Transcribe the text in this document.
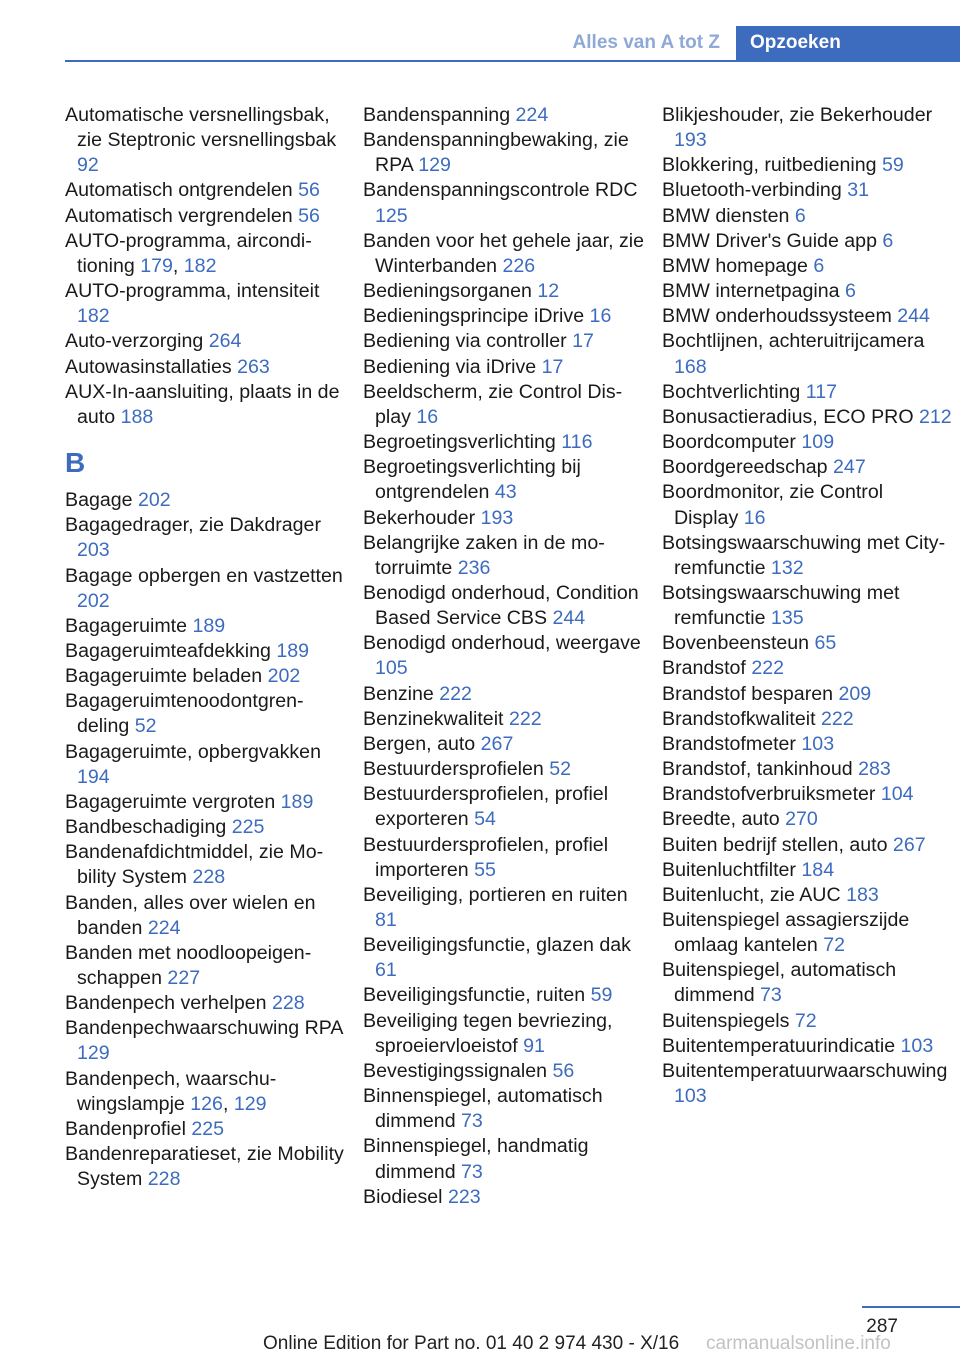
Alles van A tot Z	Opzoeken
Automatische versnellingsbak, zie Steptronic versnellingsbak 92
Automatisch ontgrendelen 56
Automatisch vergrendelen 56
AUTO-programma, airconditioning 179, 182
AUTO-programma, intensiteit 182
Auto-verzorging 264
Autowasinstallaties 263
AUX-In-aansluiting, plaats in de auto 188
B
Bagage 202
Bagagedrager, zie Dakdrager 203
Bagage opbergen en vastzetten 202
Bagageruimte 189
Bagageruimteafdekking 189
Bagageruimte beladen 202
Bagageruimtenoodontgrendeling 52
Bagageruimte, opbergvakken 194
Bagageruimte vergroten 189
Bandbeschadiging 225
Bandenafdichtmiddel, zie Mobility System 228
Banden, alles over wielen en banden 224
Banden met noodloopeigenschappen 227
Bandenpech verhelpen 228
Bandenpechwaarschuwing RPA 129
Bandenpech, waarschuwingslampje 126, 129
Bandenprofiel 225
Bandenreparatieset, zie Mobility System 228
Bandenspanning 224
Bandenspanningbewaking, zie RPA 129
Bandenspanningscontrole RDC 125
Banden voor het gehele jaar, zie Winterbanden 226
Bedieningsorganen 12
Bedieningsprincipe iDrive 16
Bediening via controller 17
Bediening via iDrive 17
Beeldscherm, zie Control Display 16
Begroetingsverlichting 116
Begroetingsverlichting bij ontgrendelen 43
Bekerhouder 193
Belangrijke zaken in de motorruimte 236
Benodigd onderhoud, Condition Based Service CBS 244
Benodigd onderhoud, weergave 105
Benzine 222
Benzinekwaliteit 222
Bergen, auto 267
Bestuurdersprofielen 52
Bestuurdersprofielen, profiel exporteren 54
Bestuurdersprofielen, profiel importeren 55
Beveiliging, portieren en ruiten 81
Beveiligingsfunctie, glazen dak 61
Beveiligingsfunctie, ruiten 59
Beveiliging tegen bevriezing, sproeiervloeistof 91
Bevestigingssignalen 56
Binnenspiegel, automatisch dimmend 73
Binnenspiegel, handmatig dimmend 73
Biodiesel 223
Blikjeshouder, zie Bekerhouder 193
Blokkering, ruitbediening 59
Bluetooth-verbinding 31
BMW diensten 6
BMW Driver's Guide app 6
BMW homepage 6
BMW internetpagina 6
BMW onderhoudssysteem 244
Bochtlijnen, achteruitrijcamera 168
Bochtverlichting 117
Bonusactieradius, ECO PRO 212
Boordcomputer 109
Boordgereedschap 247
Boordmonitor, zie Control Display 16
Botsingswaarschuwing met City-remfunctie 132
Botsingswaarschuwing met remfunctie 135
Bovenbeensteun 65
Brandstof 222
Brandstof besparen 209
Brandstofkwaliteit 222
Brandstofmeter 103
Brandstof, tankinhoud 283
Brandstofverbruiksmeter 104
Breedte, auto 270
Buiten bedrijf stellen, auto 267
Buitenluchtfilter 184
Buitenlucht, zie AUC 183
Buitenspiegel assagierszijde omlaag kantelen 72
Buitenspiegel, automatisch dimmend 73
Buitenspiegels 72
Buitentemperatuurindicatie 103
Buitentemperatuurwaarschuwing 103
287
Online Edition for Part no. 01 40 2 974 430 - X/16 carmanualsonline.info
